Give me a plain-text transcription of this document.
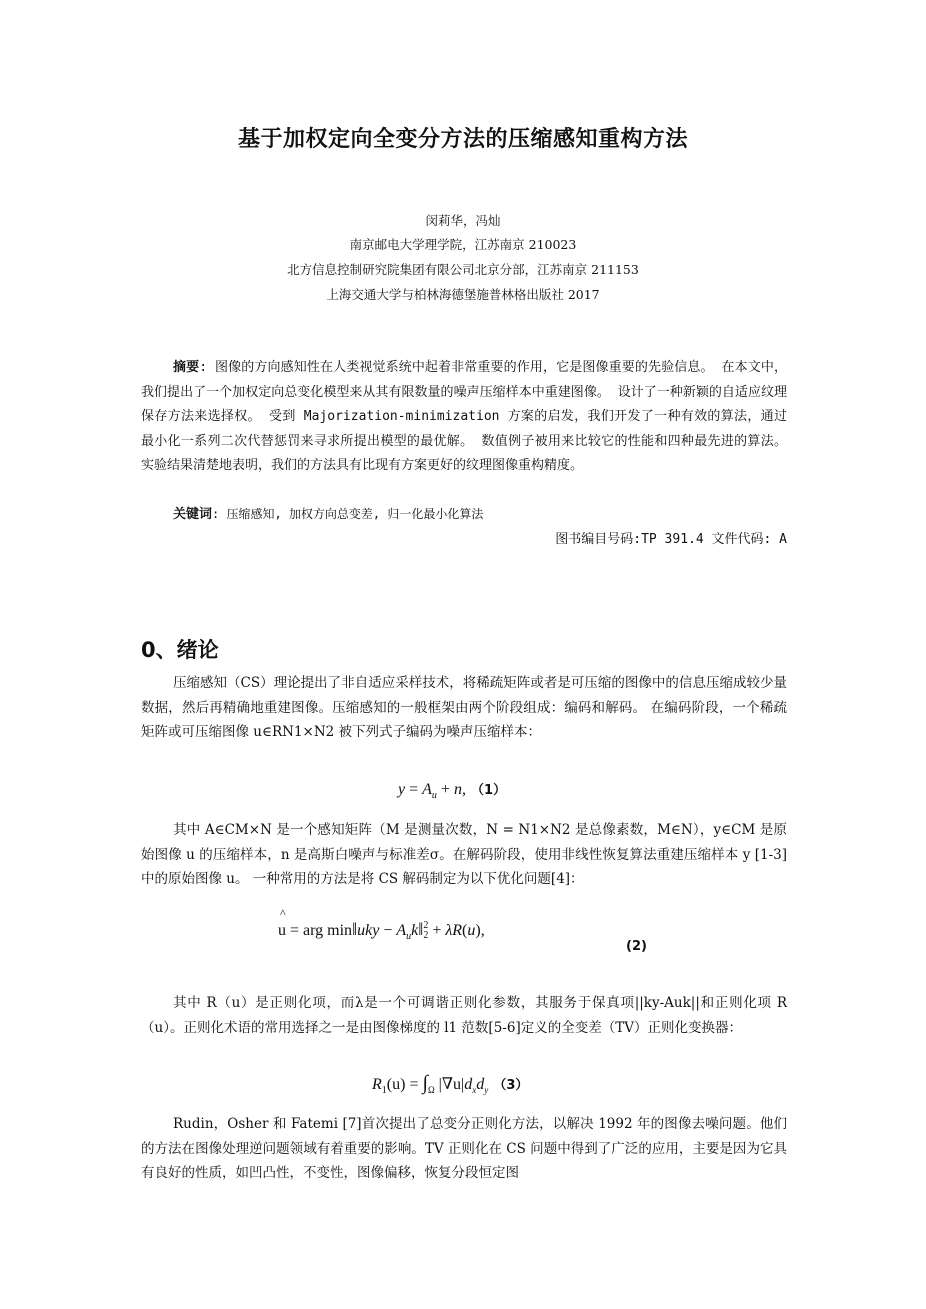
基于加权定向全变分方法的压缩感知重构方法
闵莉华，冯灿
南京邮电大学理学院，江苏南京 210023
北方信息控制研究院集团有限公司北京分部，江苏南京 211153
上海交通大学与柏林海德堡施普林格出版社 2017
摘要: 图像的方向感知性在人类视觉系统中起着非常重要的作用，它是图像重要的先验信息。 在本文中，我们提出了一个加权定向总变化模型来从其有限数量的噪声压缩样本中重建图像。 设计了一种新颖的自适应纹理保存方法来选择权。 受到 Majorization-minimization 方案的启发，我们开发了一种有效的算法，通过最小化一系列二次代替惩罚来寻求所提出模型的最优解。 数值例子被用来比较它的性能和四种最先进的算法。 实验结果清楚地表明，我们的方法具有比现有方案更好的纹理图像重构精度。
关键词: 压缩感知, 加权方向总变差, 归一化最小化算法
图书编目号码:TP 391.4 文件代码: A
0、绪论
压缩感知（CS）理论提出了非自适应采样技术，将稀疏矩阵或者是可压缩的图像中的信息压缩成较少量数据，然后再精确地重建图像。压缩感知的一般框架由两个阶段组成：编码和解码。 在编码阶段，一个稀疏矩阵或可压缩图像 u∈RN1×N2 被下列式子编码为噪声压缩样本：
$y = A_u + n$, （1）
其中 A∈CM×N 是一个感知矩阵（M 是测量次数，N = N1×N2 是总像素数，M∈N），y∈CM 是原始图像 u 的压缩样本，n 是高斯白噪声与标准差σ。在解码阶段，使用非线性恢复算法重建压缩样本 y [1-3]中的原始图像 u。 一种常用的方法是将 CS 解码制定为以下优化问题[4]：
^
u = arg min‖uky − $A_uk‖2$
2 + λR(u),
(2)
其中 R（u）是正则化项，而λ是一个可调谐正则化参数，其服务于保真项||ky-Auk||和正则化项 R（u）。正则化术语的常用选择之一是由图像梯度的 l1 范数[5-6]定义的全变差（TV）正则化变换器：
$R_1(u) = \int_\Omega$ $|\nabla u|d_xd_y$ （3）
Rudin，Osher 和 Fatemi [7]首次提出了总变分正则化方法，以解决 1992 年的图像去噪问题。他们的方法在图像处理逆问题领域有着重要的影响。TV 正则化在 CS 问题中得到了广泛的应用，主要是因为它具有良好的性质，如凹凸性，不变性，图像偏移，恢复分段恒定图
